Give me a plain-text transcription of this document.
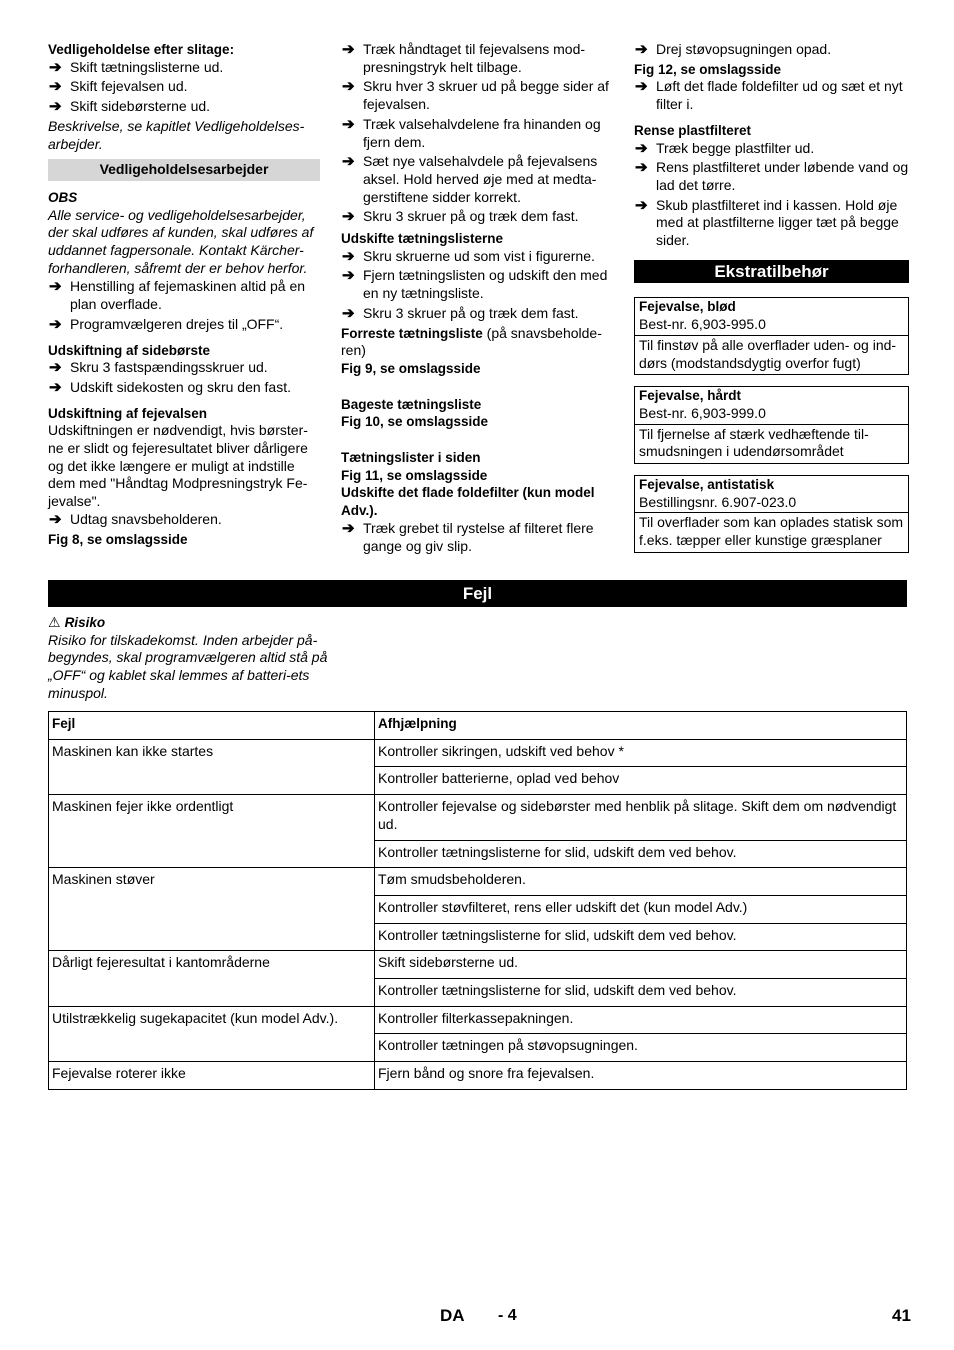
Vedligeholdelse efter slitage:

➔ Skift tætningslisterne ud.
➔ Skift fejevalsen ud.
➔ Skift sidebørsterne ud.

Beskrivelse, se kapitlet Vedligeholdelses-arbejder.

Vedligeholdelsesarbejder

OBS

Alle service- og vedligeholdelsesarbejder, der skal udføres af kunden, skal udføres af uddannet fagpersonale. Kontakt Kärcher-forhandleren, såfremt der er behov herfor.

➔ Henstilling af fejemaskinen altid på en plan overflade.
➔ Programvælgeren drejes til „OFF“.

Udskiftning af sidebørste

➔ Skru 3 fastspændingsskruer ud.
➔ Udskift sidekosten og skru den fast.

Udskiftning af fejevalsen

Udskiftningen er nødvendigt, hvis børster-ne er slidt og fejeresultatet bliver dårligere og det ikke længere er muligt at indstille dem med "Håndtag Modpresningstryk Fe-jevalse".

➔ Udtag snavsbeholderen.

Fig 8, se omslagsside

➔ Træk håndtaget til fejevalsens mod-presningstryk helt tilbage.
➔ Skru hver 3 skruer ud på begge sider af fejevalsen.
➔ Træk valsehalvdelene fra hinanden og fjern dem.
➔ Sæt nye valsehalvdele på fejevalsens aksel. Hold herved øje med at medta-gerstiftene sidder korrekt.
➔ Skru 3 skruer på og træk dem fast.

Udskifte tætningslisterne

➔ Skru skruerne ud som vist i figurerne.
➔ Fjern tætningslisten og udskift den med en ny tætningsliste.
➔ Skru 3 skruer på og træk dem fast.

Forreste tætningsliste (på snavsbeholde-ren)

Fig 9, se omslagsside

Bageste tætningsliste

Fig 10, se omslagsside

Tætningslister i siden

Fig 11, se omslagsside

Udskifte det flade foldefilter (kun model Adv.).

➔ Træk grebet til rystelse af filteret flere gange og giv slip.
➔ Drej støvopsugningen opad.

Fig 12, se omslagsside

➔ Løft det flade foldefilter ud og sæt et nyt filter i.

Rense plastfilteret

➔ Træk begge plastfilter ud.
➔ Rens plastfilteret under løbende vand og lad det tørre.
➔ Skub plastfilteret ind i kassen. Hold øje med at plastfilterne ligger tæt på begge sider.
Ekstratilbehør
Fejevalse, blød
Best-nr. 6,903-995.0
Til finstøv på alle overflader uden- og ind-dørs (modstandsdygtig overfor fugt)
Fejevalse, hårdt
Best-nr. 6,903-999.0
Til fjernelse af stærk vedhæftende til-smudsningen i udendørsområdet
Fejevalse, antistatisk
Bestillingsnr. 6.907-023.0
Til overflader som kan oplades statisk som f.eks. tæpper eller kunstige græsplaner
Fejl

⚠ Risiko

Risiko for tilskadekomst. Inden arbejder på-begyndes, skal programvælgeren altid stå på „OFF“ og kablet skal lemmes af batteri-ets minuspol.

Fejl	Afhjælpning
Maskinen kan ikke startes	Kontroller sikringen, udskift ved behov *
	Kontroller batterierne, oplad ved behov
Maskinen fejer ikke ordentligt	Kontroller fejevalse og sidebørster med henblik på slitage. Skift dem om nødvendigt ud.
	Kontroller tætningslisterne for slid, udskift dem ved behov.
Maskinen støver	Tøm smudsbeholderen.
	Kontroller støvfilteret, rens eller udskift det (kun model Adv.)
	Kontroller tætningslisterne for slid, udskift dem ved behov.
Dårligt fejeresultat i kantområderne	Skift sidebørsterne ud.
	Kontroller tætningslisterne for slid, udskift dem ved behov.
Utilstrækkelig sugekapacitet (kun model Adv.).	Kontroller filterkassepakningen.
	Kontroller tætningen på støvopsugningen.
Fejevalse roterer ikke	Fjern bånd og snore fra fejevalsen.
DA - 4	41
